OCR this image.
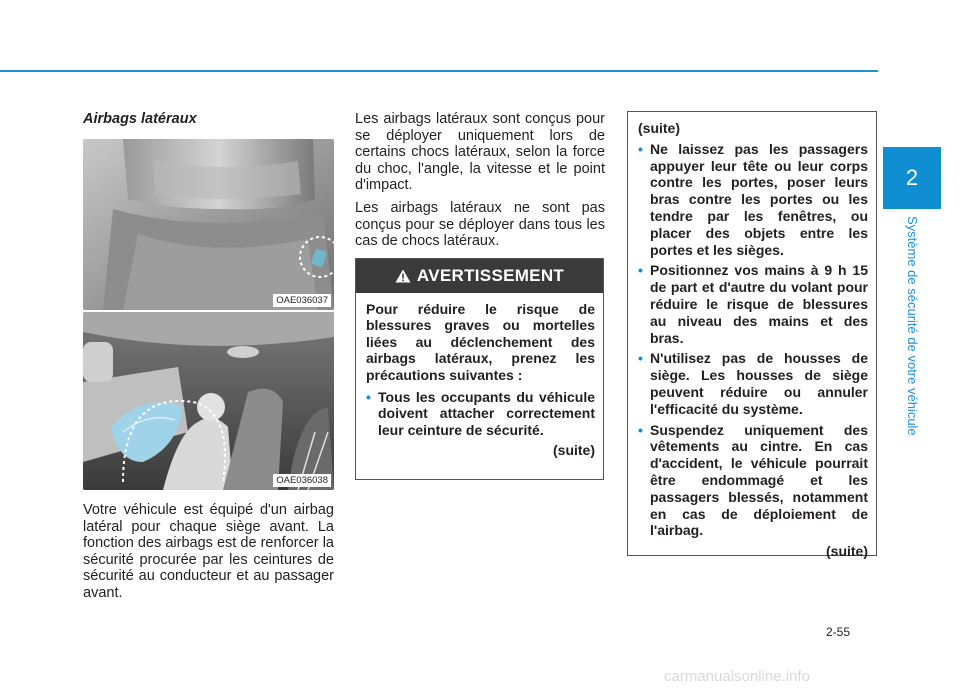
2
Système de sécurité de votre véhicule

Airbags latéraux

OAE036037
OAE036038

Votre véhicule est équipé d'un airbag latéral pour chaque siège avant. La fonction des airbags est de renforcer la sécurité procurée par les ceintures de sécurité au conducteur et au passager avant.

Les airbags latéraux sont conçus pour se déployer uniquement lors de certains chocs latéraux, selon la force du choc, l'angle, la vitesse et le point d'impact.

Les airbags latéraux ne sont pas conçus pour se déployer dans tous les cas de chocs latéraux.

AVERTISSEMENT

Pour réduire le risque de blessures graves ou mortelles liées au déclenchement des airbags latéraux, prenez les précautions suivantes :

• Tous les occupants du véhicule doivent attacher correctement leur ceinture de sécurité.
(suite)
(suite)
• Ne laissez pas les passagers appuyer leur tête ou leur corps contre les portes, poser leurs bras contre les portes ou les tendre par les fenêtres, ou placer des objets entre les portes et les sièges.
• Positionnez vos mains à 9 h 15 de part et d'autre du volant pour réduire le risque de blessures au niveau des mains et des bras.
• N'utilisez pas de housses de siège. Les housses de siège peuvent réduire ou annuler l'efficacité du système.
• Suspendez uniquement des vêtements au cintre. En cas d'accident, le véhicule pourrait être endommagé et les passagers blessés, notamment en cas de déploiement de l'airbag.
(suite)
2-55
carmanualsonline.info
